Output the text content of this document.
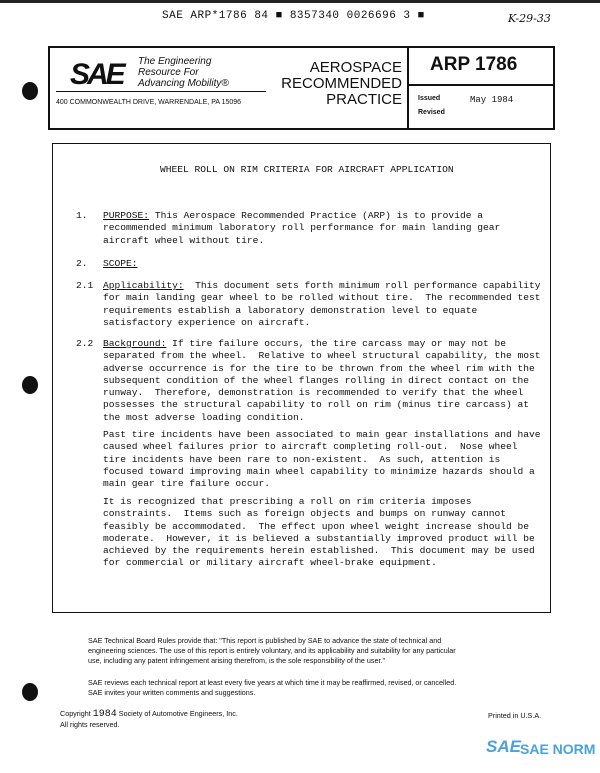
SAE ARP*1786 84 ■ 8357340 0026696 3 ■	K-29-33
SAE The Engineering
Resource For
Advancing Mobility®
400 COMMONWEALTH DRIVE, WARRENDALE, PA 15096
AEROSPACE
RECOMMENDED
PRACTICE
ARP 1786
Issued
Revised
May 1984
WHEEL ROLL ON RIM CRITERIA FOR AIRCRAFT APPLICATION
1. PURPOSE: This Aerospace Recommended Practice (ARP) is to provide a
recommended minimum laboratory roll performance for main landing gear
aircraft wheel without tire.
2. SCOPE:
2.1 Applicability:  This document sets forth minimum roll performance capability
for main landing gear wheel to be rolled without tire.  The recommended test
requirements establish a laboratory demonstration level to equate
satisfactory experience on aircraft.
2.2 Background: If tire failure occurs, the tire carcass may or may not be
separated from the wheel.  Relative to wheel structural capability, the most
adverse occurrence is for the tire to be thrown from the wheel rim with the
subsequent condition of the wheel flanges rolling in direct contact on the
runway.  Therefore, demonstration is recommended to verify that the wheel
possesses the structural capability to roll on rim (minus tire carcass) at
the most adverse loading condition.
Past tire incidents have been associated to main gear installations and have
caused wheel failures prior to aircraft completing roll-out.  Nose wheel
tire incidents have been rare to non-existent.  As such, attention is
focused toward improving main wheel capability to minimize hazards should a
main gear tire failure occur.
It is recognized that prescribing a roll on rim criteria imposes
constraints.  Items such as foreign objects and bumps on runway cannot
feasibly be accommodated.  The effect upon wheel weight increase should be
moderate.  However, it is believed a substantially improved product will be
achieved by the requirements herein established.  This document may be used
for commercial or military aircraft wheel-brake equipment.
SAE Technical Board Rules provide that: "This report is published by SAE to advance the state of technical and
engineering sciences. The use of this report is entirely voluntary, and its applicability and suitability for any particular
use, including any patent infringement arising therefrom, is the sole responsibility of the user."
SAE reviews each technical report at least every five years at which time it may be reaffirmed, revised, or cancelled.
SAE invites your written comments and suggestions.
Copyright 1984 Society of Automotive Engineers, Inc.
All rights reserved.
Printed in U.S.A.
SAE SAE NORM
